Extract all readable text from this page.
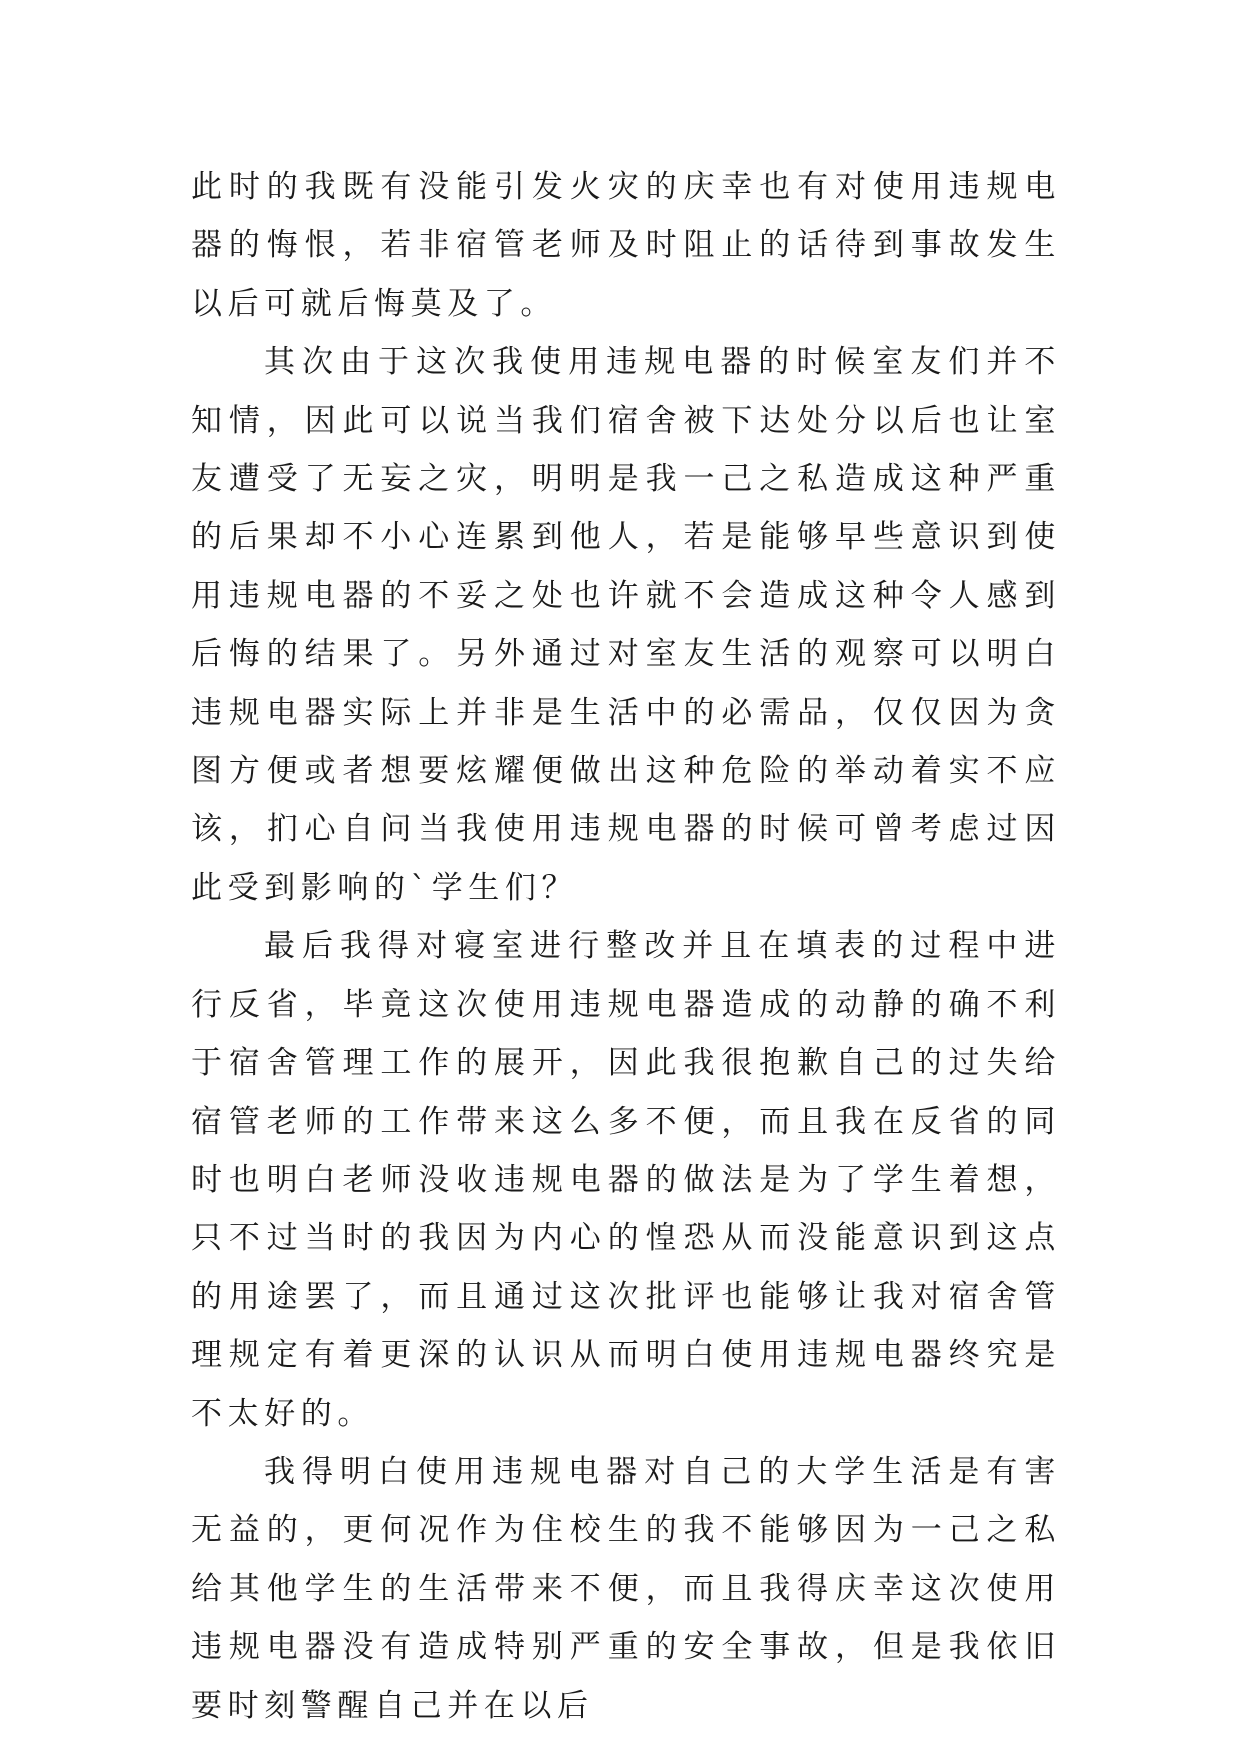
此时的我既有没能引发火灾的庆幸也有对使用违规电器的悔恨，若非宿管老师及时阻止的话待到事故发生以后可就后悔莫及了。

其次由于这次我使用违规电器的时候室友们并不知情，因此可以说当我们宿舍被下达处分以后也让室友遭受了无妄之灾，明明是我一己之私造成这种严重的后果却不小心连累到他人，若是能够早些意识到使用违规电器的不妥之处也许就不会造成这种令人感到后悔的结果了。另外通过对室友生活的观察可以明白违规电器实际上并非是生活中的必需品，仅仅因为贪图方便或者想要炫耀便做出这种危险的举动着实不应该，扪心自问当我使用违规电器的时候可曾考虑过因此受到影响的`学生们？

最后我得对寝室进行整改并且在填表的过程中进行反省，毕竟这次使用违规电器造成的动静的确不利于宿舍管理工作的展开，因此我很抱歉自己的过失给宿管老师的工作带来这么多不便，而且我在反省的同时也明白老师没收违规电器的做法是为了学生着想，只不过当时的我因为内心的惶恐从而没能意识到这点的用途罢了，而且通过这次批评也能够让我对宿舍管理规定有着更深的认识从而明白使用违规电器终究是不太好的。

我得明白使用违规电器对自己的大学生活是有害无益的，更何况作为住校生的我不能够因为一己之私给其他学生的生活带来不便，而且我得庆幸这次使用违规电器没有造成特别严重的安全事故，但是我依旧要时刻警醒自己并在以后
